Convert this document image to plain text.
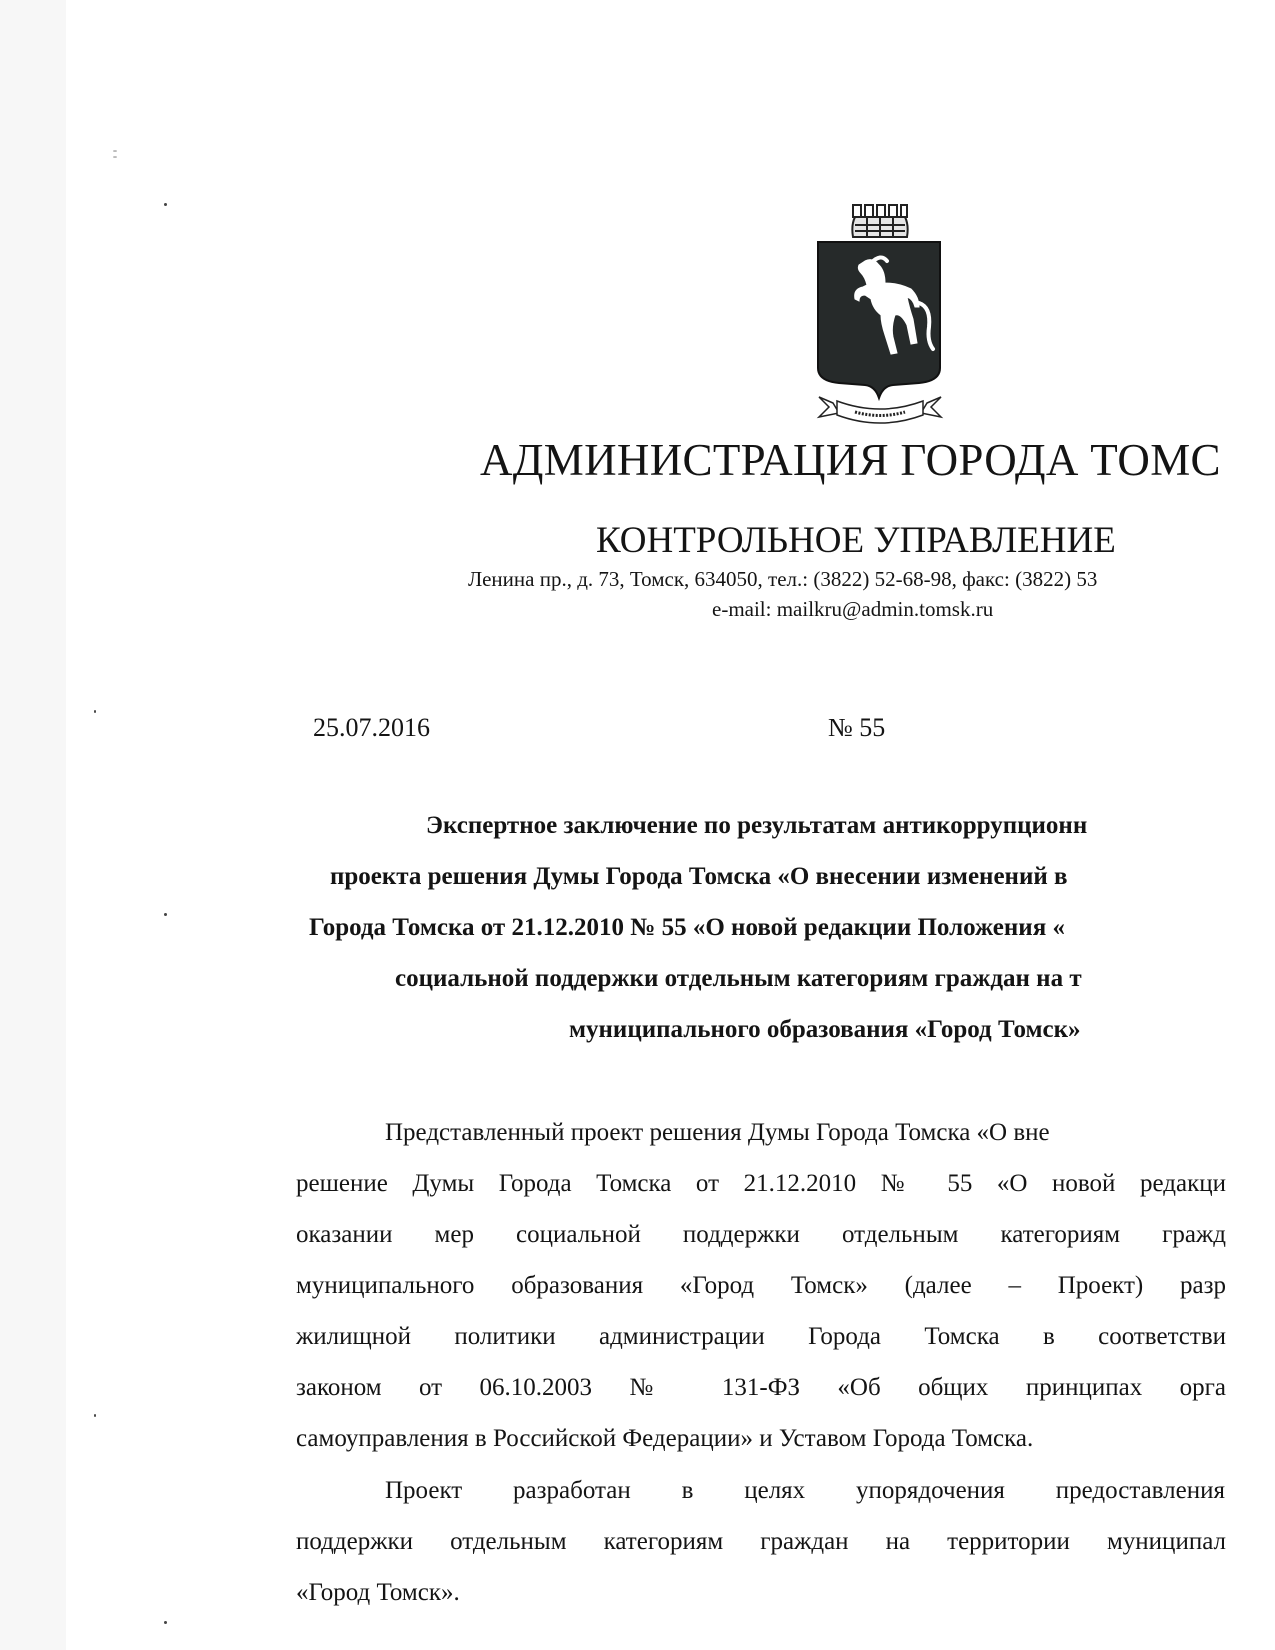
АДМИНИСТРАЦИЯ ГОРОДА ТОМС
КОНТРОЛЬНОЕ УПРАВЛЕНИЕ
Ленина пр., д. 73, Томск, 634050, тел.: (3822) 52-68-98, факс: (3822) 53
e-mail: mailkru@admin.tomsk.ru
25.07.2016	№ 55
Экспертное заключение по результатам антикоррупционн
проекта решения Думы Города Томска «О внесении изменений в
Города Томска от 21.12.2010 № 55 «О новой редакции Положения «
социальной поддержки отдельным категориям граждан на т
муниципального образования «Город Томск»
Представленный проект решения Думы Города Томска «О вне
решение Думы Города Томска от 21.12.2010 № 55 «О новой редакци
оказании мер социальной поддержки отдельным категориям гражд
муниципального образования «Город Томск» (далее – Проект) разр
жилищной политики администрации Города Томска в соответстви
законом от 06.10.2003 № 131-ФЗ «Об общих принципах орга
самоуправления в Российской Федерации» и Уставом Города Томска.
Проект разработан в целях упорядочения предоставления
поддержки отдельным категориям граждан на территории муниципал
«Город Томск».
